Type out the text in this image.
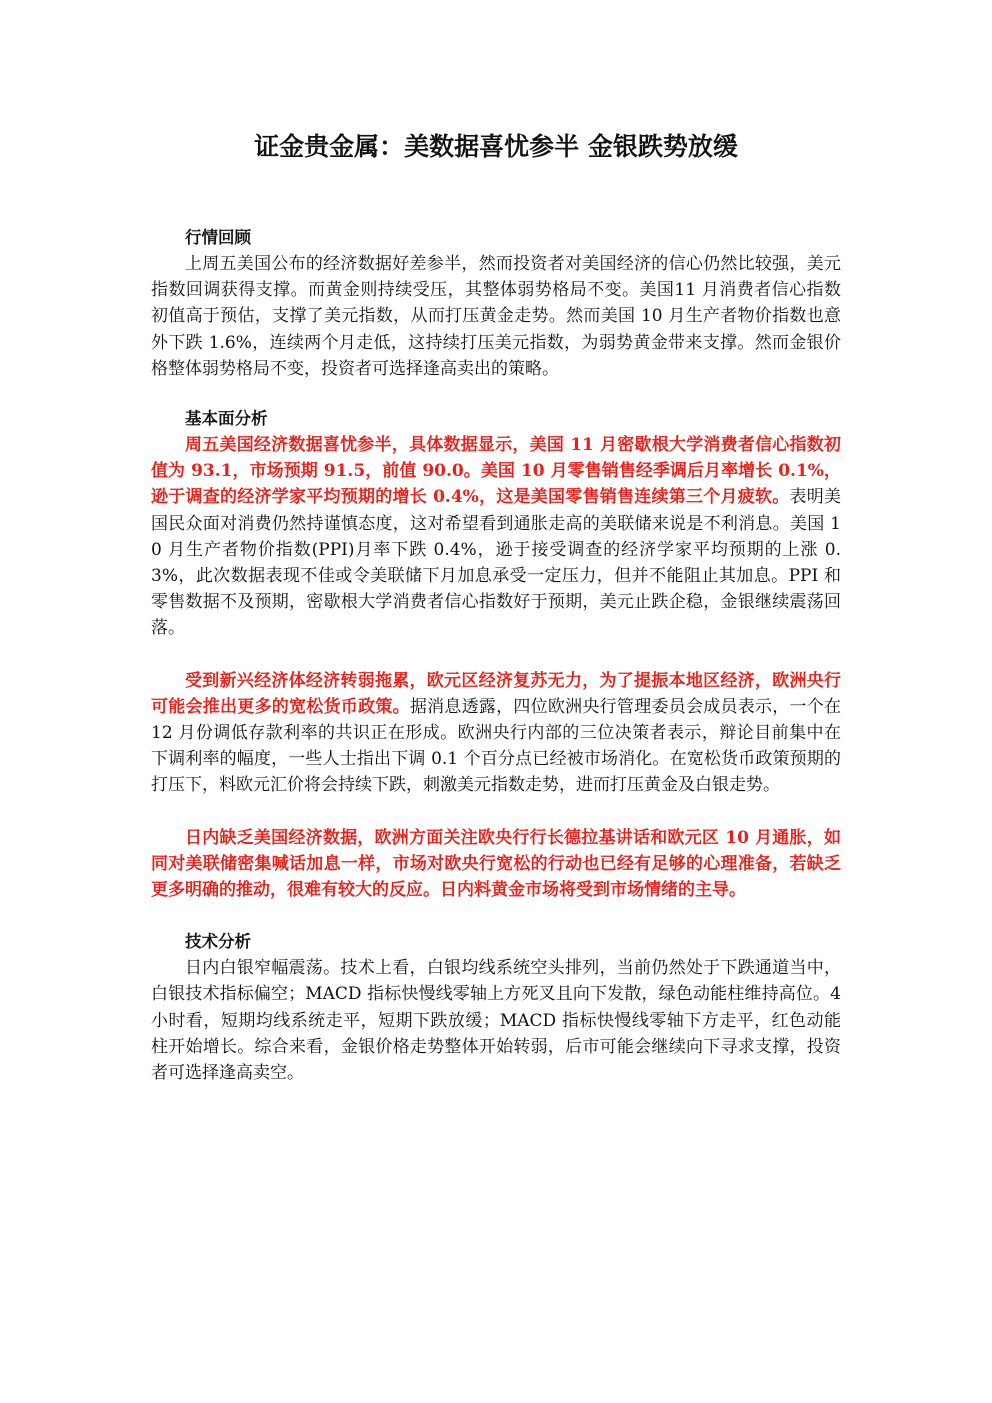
证金贵金属：美数据喜忧参半 金银跌势放缓

行情回顾

上周五美国公布的经济数据好差参半，然而投资者对美国经济的信心仍然比较强，美元指数回调获得支撑。而黄金则持续受压，其整体弱势格局不变。美国11 月消费者信心指数初值高于预估，支撑了美元指数，从而打压黄金走势。然而美国 10 月生产者物价指数也意外下跌 1.6%，连续两个月走低，这持续打压美元指数，为弱势黄金带来支撑。然而金银价格整体弱势格局不变，投资者可选择逢高卖出的策略。

基本面分析

周五美国经济数据喜忧参半，具体数据显示，美国 11 月密歇根大学消费者信心指数初值为 93.1，市场预期 91.5，前值 90.0。美国 10 月零售销售经季调后月率增长 0.1%，逊于调查的经济学家平均预期的增长 0.4%，这是美国零售销售连续第三个月疲软。表明美国民众面对消费仍然持谨慎态度，这对希望看到通胀走高的美联储来说是不利消息。美国 10 月生产者物价指数(PPI)月率下跌 0.4%，逊于接受调查的经济学家平均预期的上涨 0.3%，此次数据表现不佳或令美联储下月加息承受一定压力，但并不能阻止其加息。PPI 和零售数据不及预期，密歇根大学消费者信心指数好于预期，美元止跌企稳，金银继续震荡回落。

受到新兴经济体经济转弱拖累，欧元区经济复苏无力，为了提振本地区经济，欧洲央行可能会推出更多的宽松货币政策。据消息透露，四位欧洲央行管理委员会成员表示，一个在 12 月份调低存款利率的共识正在形成。欧洲央行内部的三位决策者表示，辩论目前集中在下调利率的幅度，一些人士指出下调 0.1 个百分点已经被市场消化。在宽松货币政策预期的打压下，料欧元汇价将会持续下跌，刺激美元指数走势，进而打压黄金及白银走势。

日内缺乏美国经济数据，欧洲方面关注欧央行行长德拉基讲话和欧元区 10 月通胀，如同对美联储密集喊话加息一样，市场对欧央行宽松的行动也已经有足够的心理准备，若缺乏更多明确的推动，很难有较大的反应。日内料黄金市场将受到市场情绪的主导。

技术分析

日内白银窄幅震荡。技术上看，白银均线系统空头排列，当前仍然处于下跌通道当中，白银技术指标偏空；MACD 指标快慢线零轴上方死叉且向下发散，绿色动能柱维持高位。4 小时看，短期均线系统走平，短期下跌放缓；MACD 指标快慢线零轴下方走平，红色动能柱开始增长。综合来看，金银价格走势整体开始转弱，后市可能会继续向下寻求支撑，投资者可选择逢高卖空。
